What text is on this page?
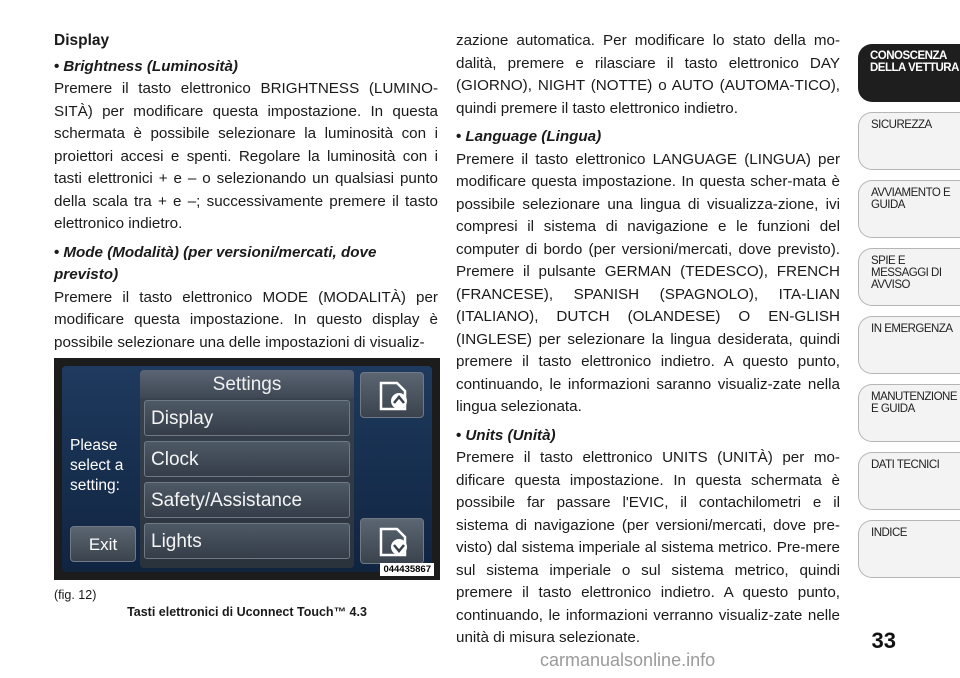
Display

• Brightness (Luminosità)

Premere il tasto elettronico BRIGHTNESS (LUMINO-SITÀ) per modificare questa impostazione. In questa schermata è possibile selezionare la luminosità con i proiettori accesi e spenti. Regolare la luminosità con i tasti elettronici + e – o selezionando un qualsiasi punto della scala tra + e –; successivamente premere il tasto elettronico indietro.

• Mode (Modalità) (per versioni/mercati, dove previsto)

Premere il tasto elettronico MODE (MODALITÀ) per modificare questa impostazione. In questo display è possibile selezionare una delle impostazioni di visualiz-

Please select a setting:
Exit
Settings
Display
Clock
Safety/Assistance
Lights
044435867
(fig. 12)
Tasti elettronici di Uconnect Touch™ 4.3

zazione automatica. Per modificare lo stato della mo-dalità, premere e rilasciare il tasto elettronico DAY (GIORNO), NIGHT (NOTTE) o AUTO (AUTOMA-TICO), quindi premere il tasto elettronico indietro.

• Language (Lingua)

Premere il tasto elettronico LANGUAGE (LINGUA) per modificare questa impostazione. In questa scher-mata è possibile selezionare una lingua di visualizza-zione, ivi compresi il sistema di navigazione e le funzioni del computer di bordo (per versioni/mercati, dove previsto). Premere il pulsante GERMAN (TEDESCO), FRENCH (FRANCESE), SPANISH (SPAGNOLO), ITA-LIAN (ITALIANO), DUTCH (OLANDESE) O EN-GLISH (INGLESE) per selezionare la lingua desiderata, quindi premere il tasto elettronico indietro. A questo punto, continuando, le informazioni saranno visualiz-zate nella lingua selezionata.

• Units (Unità)

Premere il tasto elettronico UNITS (UNITÀ) per mo-dificare questa impostazione. In questa schermata è possibile far passare l'EVIC, il contachilometri e il sistema di navigazione (per versioni/mercati, dove pre-visto) dal sistema imperiale al sistema metrico. Pre-mere sul sistema imperiale o sul sistema metrico, quindi premere il tasto elettronico indietro. A questo punto, continuando, le informazioni verranno visualiz-zate nelle unità di misura selezionate.

CONOSCENZA DELLA VETTURA
SICUREZZA
AVVIAMENTO E GUIDA
SPIE E MESSAGGI DI AVVISO
IN EMERGENZA
MANUTENZIONE E GUIDA
DATI TECNICI
INDICE
33
carmanualsonline.info
